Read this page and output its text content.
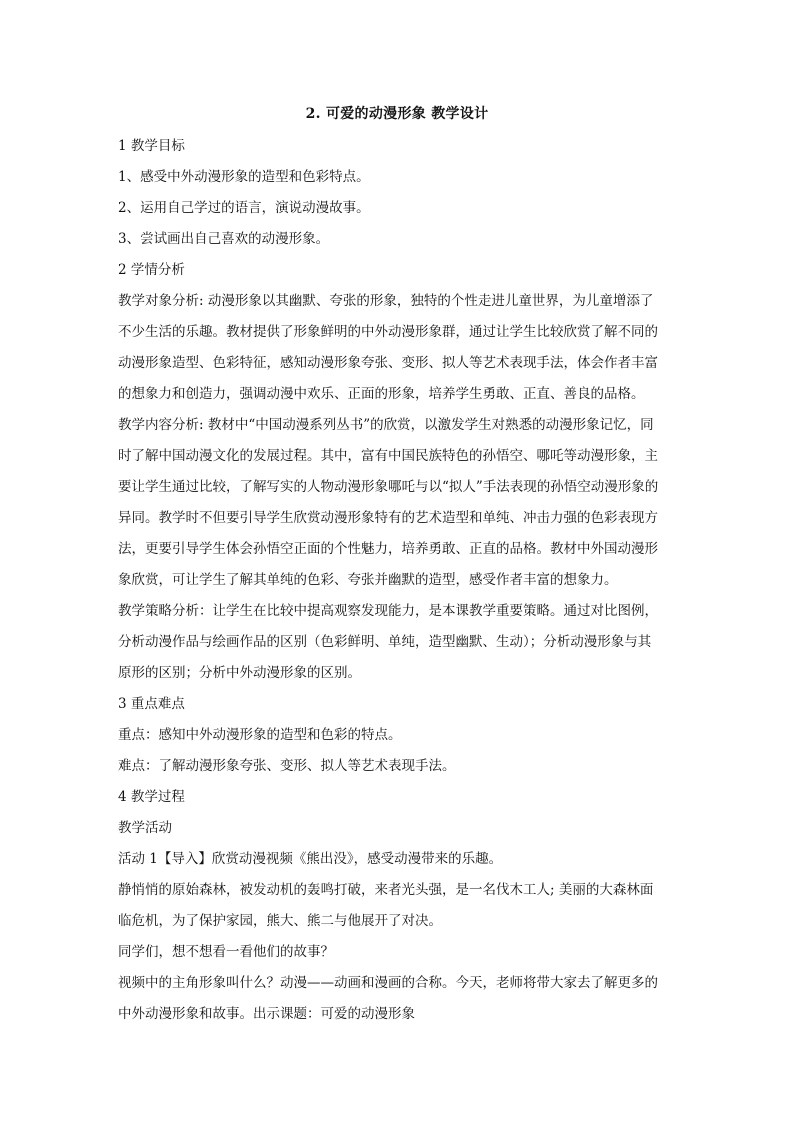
2. 可爱的动漫形象 教学设计
1 教学目标
1、感受中外动漫形象的造型和色彩特点。
2、运用自己学过的语言，演说动漫故事。
3、尝试画出自己喜欢的动漫形象。
2 学情分析
教学对象分析: 动漫形象以其幽默、夸张的形象，独特的个性走进儿童世界，为儿童增添了
不少生活的乐趣。教材提供了形象鲜明的中外动漫形象群，通过让学生比较欣赏了解不同的
动漫形象造型、色彩特征，感知动漫形象夸张、变形、拟人等艺术表现手法，体会作者丰富
的想象力和创造力，强调动漫中欢乐、正面的形象，培养学生勇敢、正直、善良的品格。
教学内容分析: 教材中“中国动漫系列丛书”的欣赏，以激发学生对熟悉的动漫形象记忆，同
时了解中国动漫文化的发展过程。其中，富有中国民族特色的孙悟空、哪吒等动漫形象，主
要让学生通过比较，了解写实的人物动漫形象哪吒与以“拟人”手法表现的孙悟空动漫形象的
异同。教学时不但要引导学生欣赏动漫形象特有的艺术造型和单纯、冲击力强的色彩表现方
法，更要引导学生体会孙悟空正面的个性魅力，培养勇敢、正直的品格。教材中外国动漫形
象欣赏，可让学生了解其单纯的色彩、夸张并幽默的造型，感受作者丰富的想象力。
教学策略分析：让学生在比较中提高观察发现能力，是本课教学重要策略。通过对比图例，
分析动漫作品与绘画作品的区别（色彩鲜明、单纯，造型幽默、生动）；分析动漫形象与其
原形的区别；分析中外动漫形象的区别。
3 重点难点
重点：感知中外动漫形象的造型和色彩的特点。
难点：了解动漫形象夸张、变形、拟人等艺术表现手法。
4 教学过程
教学活动
活动 1【导入】欣赏动漫视频《熊出没》，感受动漫带来的乐趣。
静悄悄的原始森林，被发动机的轰鸣打破，来者光头强，是一名伐木工人; 美丽的大森林面
临危机，为了保护家园，熊大、熊二与他展开了对决。
同学们，想不想看一看他们的故事？
视频中的主角形象叫什么？动漫——动画和漫画的合称。今天，老师将带大家去了解更多的
中外动漫形象和故事。出示课题：可爱的动漫形象
